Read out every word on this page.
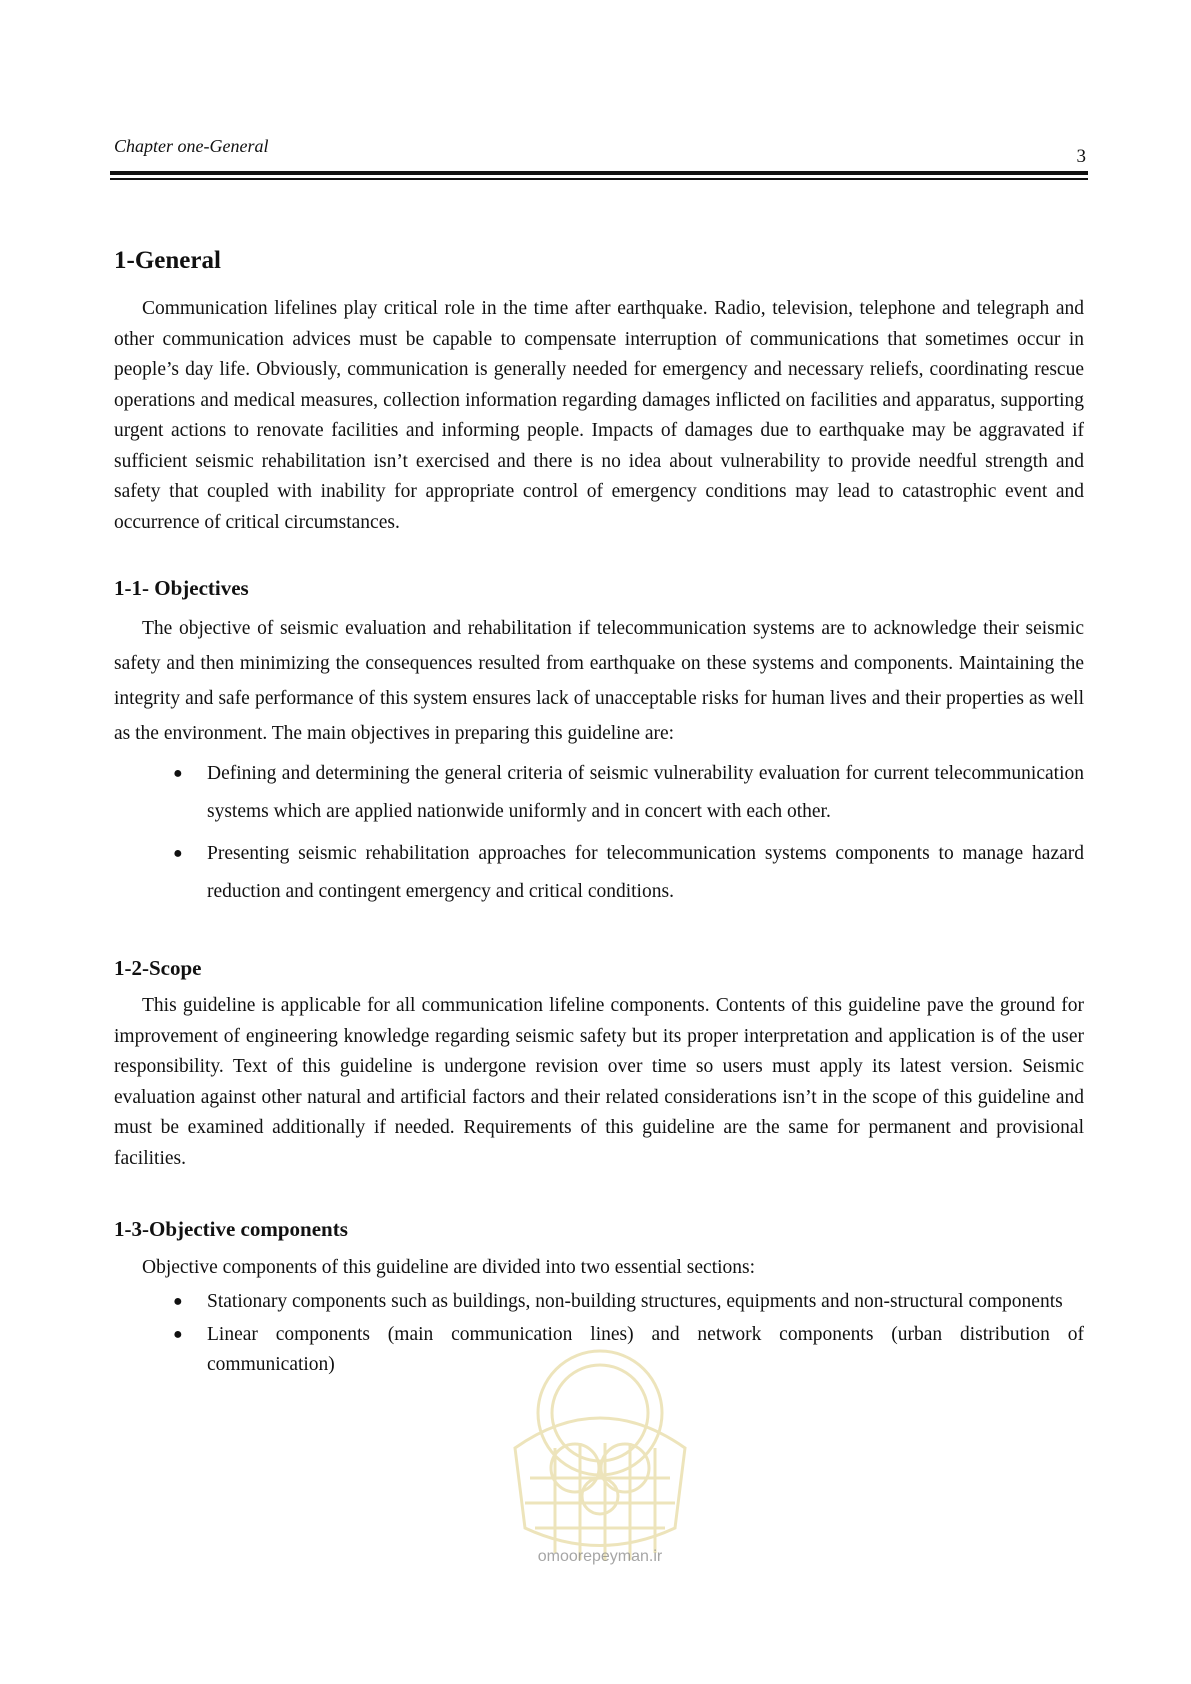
Chapter one-General	3
1-General

Communication lifelines play critical role in the time after earthquake. Radio, television, telephone and telegraph and other communication advices must be capable to compensate interruption of communications that sometimes occur in people’s day life. Obviously, communication is generally needed for emergency and necessary reliefs, coordinating rescue operations and medical measures, collection information regarding damages inflicted on facilities and apparatus, supporting urgent actions to renovate facilities and informing people. Impacts of damages due to earthquake may be aggravated if sufficient seismic rehabilitation isn’t exercised and there is no idea about vulnerability to provide needful strength and safety that coupled with inability for appropriate control of emergency conditions may lead to catastrophic event and occurrence of critical circumstances.

1-1- Objectives

The objective of seismic evaluation and rehabilitation if telecommunication systems are to acknowledge their seismic safety and then minimizing the consequences resulted from earthquake on these systems and components. Maintaining the integrity and safe performance of this system ensures lack of unacceptable risks for human lives and their properties as well as the environment. The main objectives in preparing this guideline are:

● Defining and determining the general criteria of seismic vulnerability evaluation for current telecommunication systems which are applied nationwide uniformly and in concert with each other.
● Presenting seismic rehabilitation approaches for telecommunication systems components to manage hazard reduction and contingent emergency and critical conditions.
1-2-Scope

This guideline is applicable for all communication lifeline components. Contents of this guideline pave the ground for improvement of engineering knowledge regarding seismic safety but its proper interpretation and application is of the user responsibility. Text of this guideline is undergone revision over time so users must apply its latest version. Seismic evaluation against other natural and artificial factors and their related considerations isn’t in the scope of this guideline and must be examined additionally if needed. Requirements of this guideline are the same for permanent and provisional facilities.

1-3-Objective components

Objective components of this guideline are divided into two essential sections:

● Stationary components such as buildings, non-building structures, equipments and non-structural components
● Linear components (main communication lines) and network components (urban distribution of communication)
omoorepeyman.ir
